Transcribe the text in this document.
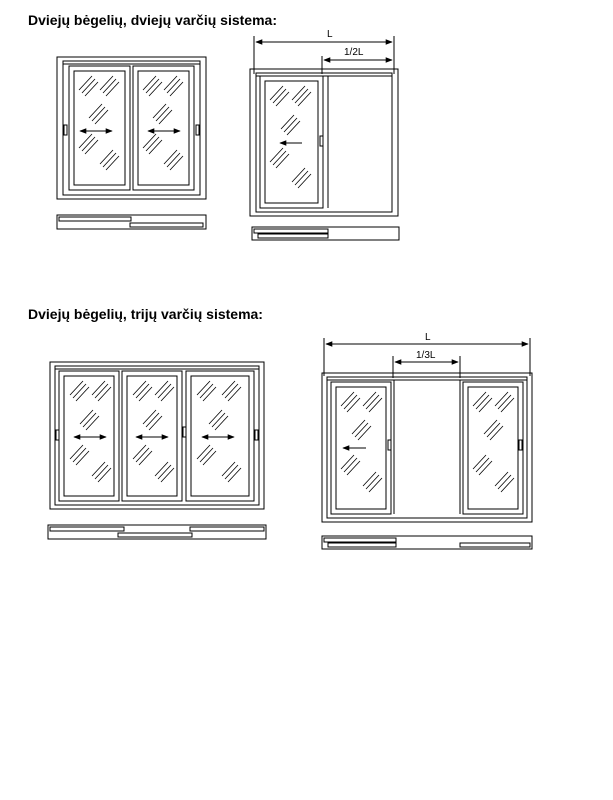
Dviejų bėgelių, dviejų varčių sistema:

Dviejų bėgelių, trijų varčių sistema:

L
1/2L
L
1/3L
